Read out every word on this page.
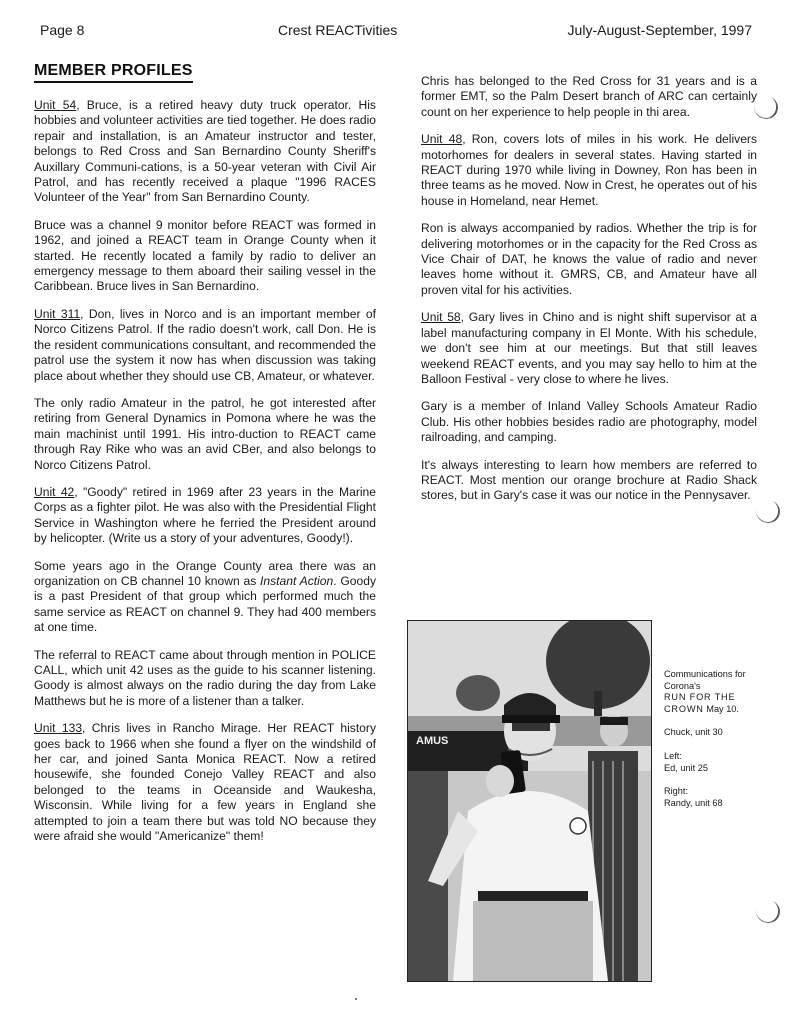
Page 8	Crest REACTivities	July-August-September, 1997
MEMBER PROFILES

Unit 54, Bruce, is a retired heavy duty truck operator. His hobbies and volunteer activities are tied together. He does radio repair and installation, is an Amateur instructor and tester, belongs to Red Cross and San Bernardino County Sheriff's Auxillary Communi-cations, is a 50-year veteran with Civil Air Patrol, and has recently received a plaque "1996 RACES Volunteer of the Year" from San Bernardino County.

Bruce was a channel 9 monitor before REACT was formed in 1962, and joined a REACT team in Orange County when it started. He recently located a family by radio to deliver an emergency message to them aboard their sailing vessel in the Caribbean. Bruce lives in San Bernardino.

Unit 311, Don, lives in Norco and is an important member of Norco Citizens Patrol. If the radio doesn't work, call Don. He is the resident communications consultant, and recommended the patrol use the system it now has when discussion was taking place about whether they should use CB, Amateur, or whatever.

The only radio Amateur in the patrol, he got interested after retiring from General Dynamics in Pomona where he was the main machinist until 1991. His intro-duction to REACT came through Ray Rike who was an avid CBer, and also belongs to Norco Citizens Patrol.

Unit 42, "Goody" retired in 1969 after 23 years in the Marine Corps as a fighter pilot. He was also with the Presidential Flight Service in Washington where he ferried the President around by helicopter. (Write us a story of your adventures, Goody!).

Some years ago in the Orange County area there was an organization on CB channel 10 known as Instant Action. Goody is a past President of that group which performed much the same service as REACT on channel 9. They had 400 members at one time.

The referral to REACT came about through mention in POLICE CALL, which unit 42 uses as the guide to his scanner listening. Goody is almost always on the radio during the day from Lake Matthews but he is more of a listener than a talker.

Unit 133, Chris lives in Rancho Mirage. Her REACT history goes back to 1966 when she found a flyer on the windshild of her car, and joined Santa Monica REACT. Now a retired housewife, she founded Conejo Valley REACT and also belonged to the teams in Oceanside and Waukesha, Wisconsin. While living for a few years in England she attempted to join a team there but was told NO because they were afraid she would "Americanize" them!

Chris has belonged to the Red Cross for 31 years and is a former EMT, so the Palm Desert branch of ARC can certainly count on her experience to help people in thi area.

Unit 48, Ron, covers lots of miles in his work. He delivers motorhomes for dealers in several states. Having started in REACT during 1970 while living in Downey, Ron has been in three teams as he moved. Now in Crest, he operates out of his house in Homeland, near Hemet.

Ron is always accompanied by radios. Whether the trip is for delivering motorhomes or in the capacity for the Red Cross as Vice Chair of DAT, he knows the value of radio and never leaves home without it. GMRS, CB, and Amateur have all proven vital for his activities.

Unit 58, Gary lives in Chino and is night shift supervisor at a label manufacturing company in El Monte. With his schedule, we don't see him at our meetings. But that still leaves weekend REACT events, and you may say hello to him at the Balloon Festival - very close to where he lives.

Gary is a member of Inland Valley Schools Amateur Radio Club. His other hobbies besides radio are photography, model railroading, and camping.

It's always interesting to learn how members are referred to REACT. Most mention our orange brochure at Radio Shack stores, but in Gary's case it was our notice in the Pennysaver.

AMUS
Communications for Corona's
RUN FOR THE CROWN May 10.
Chuck, unit 30
Left:
Ed, unit 25
Right:
Randy, unit 68
